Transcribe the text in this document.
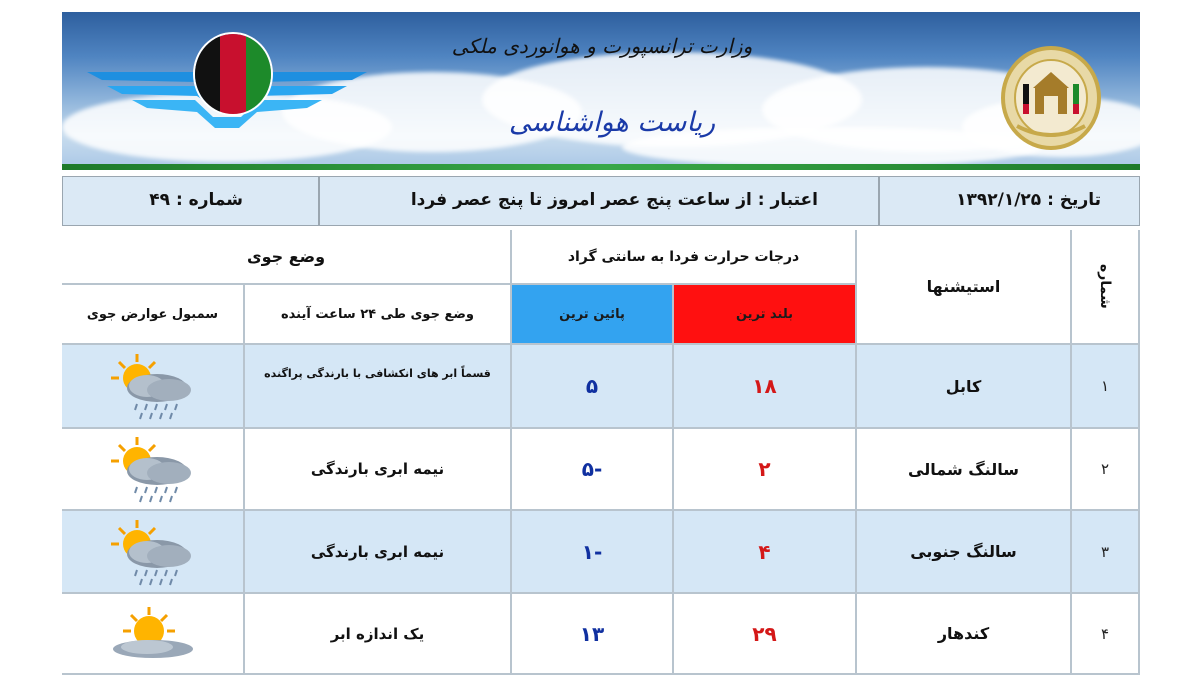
وزارت ترانسپورت و هوانوردی ملکی
ریاست هواشناسی
تاریخ : ۱۳۹۲/۱/۲۵
اعتبار : از ساعت پنج عصر امروز تا پنج عصر فردا
شماره : ۴۹
شماره
استیشنها
درجات حرارت فردا به سانتی گراد
بلند ترین
پائین ترین
وضع جوی
وضع جوی طی ۲۴ ساعت آینده
سمبول عوارض جوی
۱
کابل
۱۸
۵
قسماً ابر های انکشافی با بارندگی پراگنده
۲
سالنگ شمالی
۲
-۵
نیمه ابری بارندگی
۳
سالنگ جنوبی
۴
-۱
نیمه ابری بارندگی
۴
کندهار
۲۹
۱۳
یک اندازه ابر
